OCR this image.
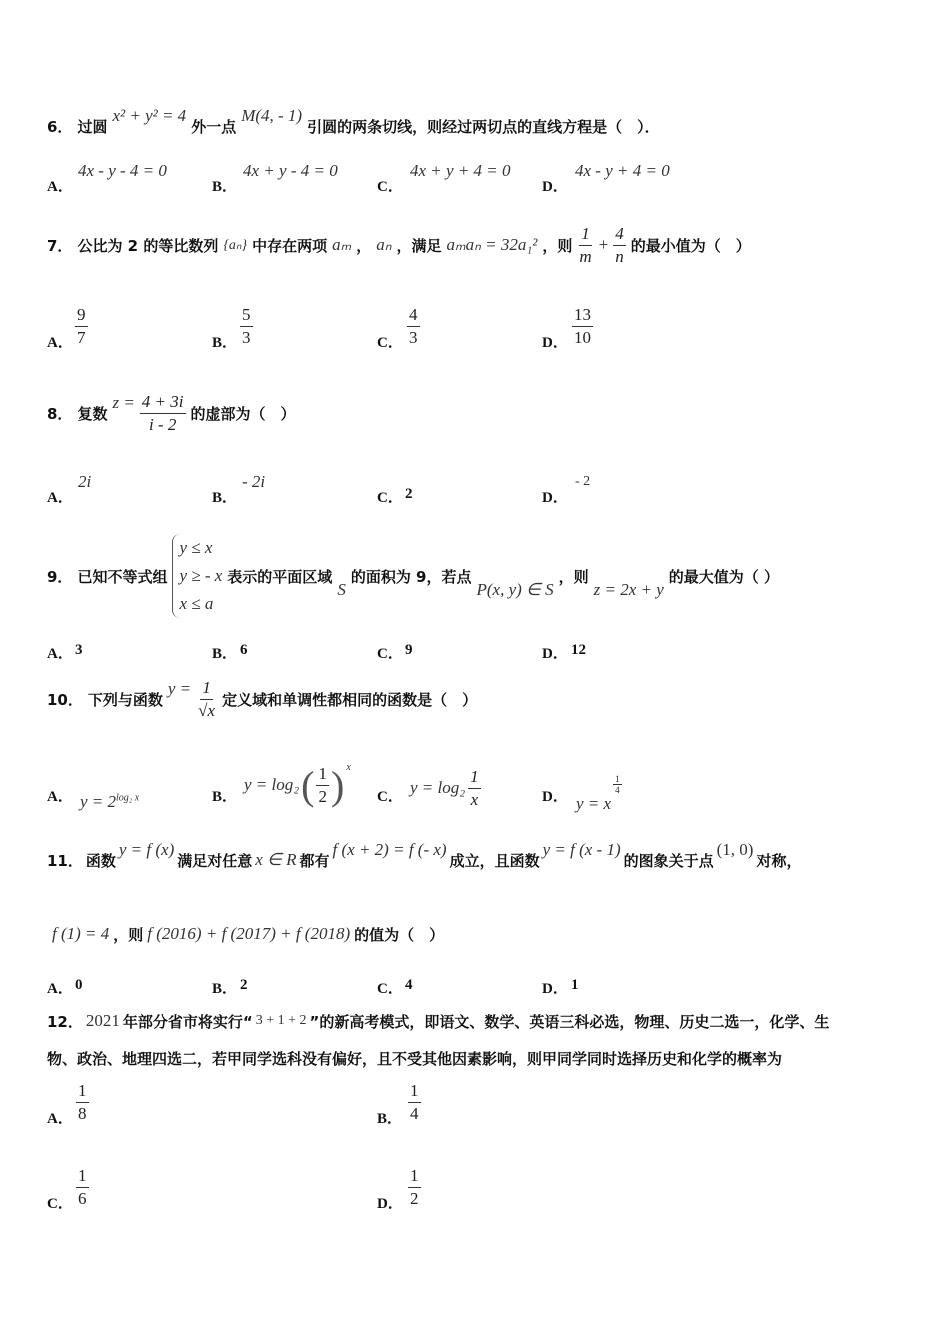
6． 过圆
x² + y² = 4
外一点
M(4, - 1)
引圆的两条切线，则经过两切点的直线方程是（　）．
A．
4x - y - 4 = 0
B．
4x + y - 4 = 0
C．
4x + y + 4 = 0
D．
4x - y + 4 = 0
7． 公比为 2 的等比数列 {aₙ} 中存在两项 aₘ ， aₙ ，满足 aₘaₙ = 32a₁² ，则 $\frac{1}{m} + \frac{4}{n}$ 的最小值为（　）
A． $\frac{9}{7}$	B． $\frac{5}{3}$	C． $\frac{4}{3}$	D． $\frac{13}{10}$
8． 复数
$z = \frac{4 + 3i}{i - 2}$ 的虚部为（　）
A．
2i
B．
- 2i
C． 2	D．
- 2
9． 已知不等式组
y ≤ x
y ≥ - x
x ≤ a
表示的平面区域
S
的面积为 9，若点
P(x, y) ∈ S
，则
z = 2x + y
的最大值为（ ）
A． 3	B． 6	C． 9	D． 12
10． 下列与函数
$y = \frac{1}{√x}$ 定义域和单调性都相同的函数是（　）
A． $y = 2^{log_2 x}$	B．
y = log₂ ( $\frac{1}{2}$ ) x
C． $y = \log_2 \frac{1}{x}$	D． y = x
$\frac{1}{4}$
11． 函数
y = f (x)
满足对任意 x ∈ R 都有
f (x + 2) = f (- x)
成立，且函数
y = f (x - 1)
的图象关于点
(1, 0)
对称，
f (1) = 4 ，则 f (2016) + f (2017) + f (2018) 的值为（　）
A． 0	B． 2	C． 4	D． 1
12． 2021 年部分省市将实行“ 3 + 1 + 2 ”的新高考模式，即语文、数学、英语三科必选，物理、历史二选一，化学、生
物、政治、地理四选二，若甲同学选科没有偏好，且不受其他因素影响，则甲同学同时选择历史和化学的概率为
A． $\frac{1}{8}$	B． $\frac{1}{4}$
C． $\frac{1}{6}$	D． $\frac{1}{2}$
